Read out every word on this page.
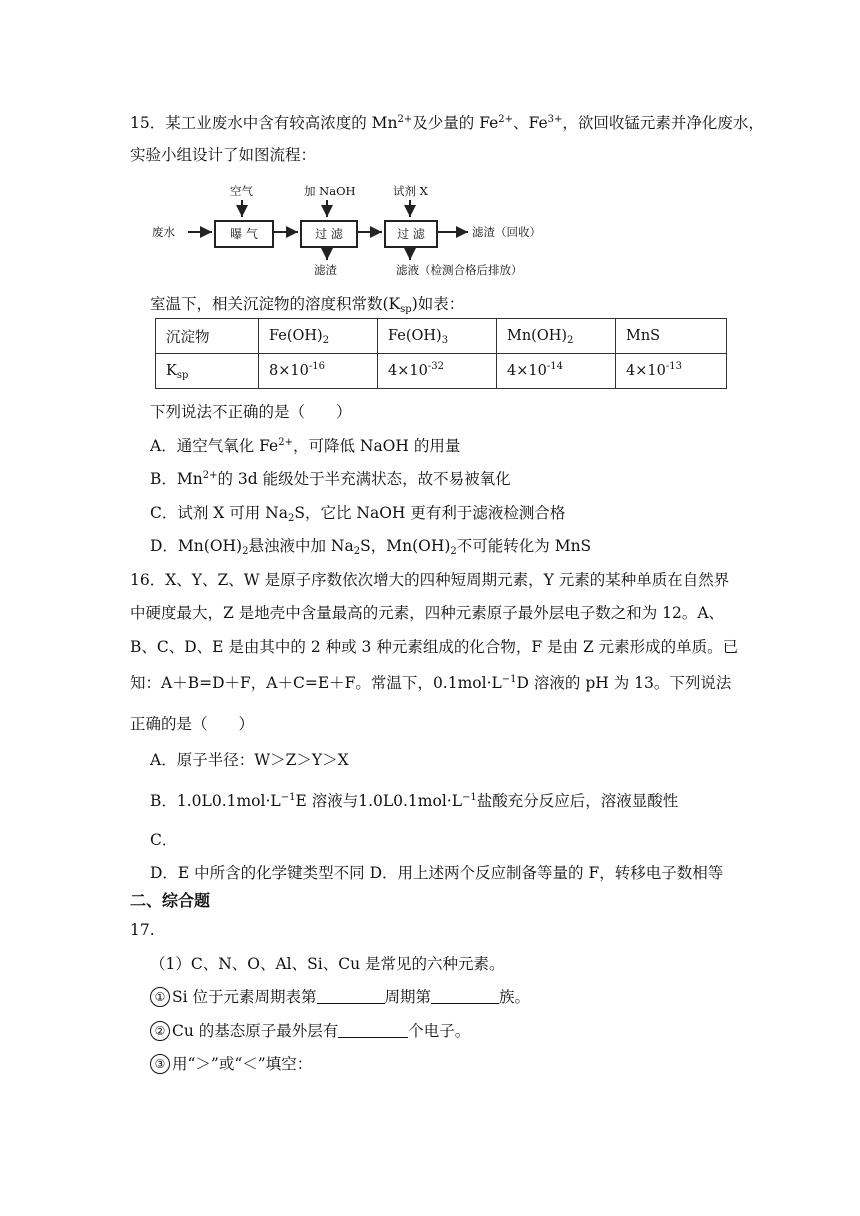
15．某工业废水中含有较高浓度的 $Mn^{2+}$及少量的 $Fe^{2+}$、$Fe^{3+}$，欲回收锰元素并净化废水，
实验小组设计了如图流程：
废水
空气
曝 气
加 NaOH
过 滤
滤渣
试剂 X
过 滤	滤渣（回收）
滤液（检测合格后排放）
室温下，相关沉淀物的溶度积常数$(K_{sp})$如表：
沉淀物	$Fe(OH)_2$	$Fe(OH)_3$	$Mn(OH)_2$	MnS
$K_{sp}$	$8\times 10^{-16}$	$4\times 10^{-32}$	$4\times 10^{-14}$	$4\times 10^{-13}$
下列说法不正确的是（　　）
A．通空气氧化 $Fe^{2+}$，可降低 NaOH 的用量
B．$Mn^{2+}$的 3d 能级处于半充满状态，故不易被氧化
C．试剂 X 可用 $Na_2S$，它比 NaOH 更有利于滤液检测合格
D．$Mn(OH)_2$悬浊液中加 $Na_2S$，$Mn(OH)_2$不可能转化为 MnS
16．X、Y、Z、W 是原子序数依次增大的四种短周期元素，Y 元素的某种单质在自然界
中硬度最大，Z 是地壳中含量最高的元素，四种元素原子最外层电子数之和为 12。A、
B、C、D、E 是由其中的 2 种或 3 种元素组成的化合物，F 是由 Z 元素形成的单质。已
知：A＋B=D＋F，A＋C=E＋F。常温下，$0.1mol\cdot L^{-1}D$ 溶液的 pH 为 13。下列说法
正确的是（　　）
A．原子半径：W＞Z＞Y＞X
B．$1.0L0.1mol\cdot L^{-1}E$ 溶液与$1.0L0.1mol\cdot L^{-1}$盐酸充分反应后，溶液显酸性
C．
D．E 中所含的化学键类型不同 D．用上述两个反应制备等量的 F，转移电子数相等
二、综合题
17.
（1）C、N、O、Al、Si、Cu 是常见的六种元素。
① Si 位于元素周期表第	周期第	族。
② Cu 的基态原子最外层有	个电子。
③ 用“＞”或“＜”填空：
